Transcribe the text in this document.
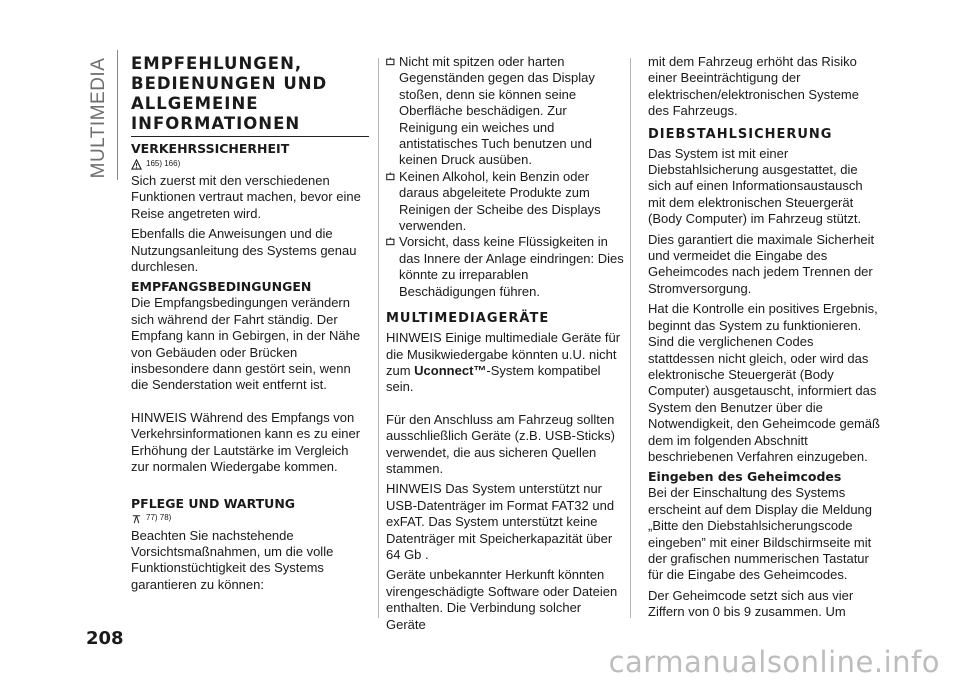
MULTIMEDIA
208
carmanualsonline.info
EMPFEHLUNGEN, BEDIENUNGEN UND ALLGEMEINE INFORMATIONEN
VERKEHRSSICHERHEIT
165) 166)

Sich zuerst mit den verschiedenen Funktionen vertraut machen, bevor eine Reise angetreten wird.

Ebenfalls die Anweisungen und die Nutzungsanleitung des Systems genau durchlesen.

EMPFANGSBEDINGUNGEN

Die Empfangsbedingungen verändern sich während der Fahrt ständig. Der Empfang kann in Gebirgen, in der Nähe von Gebäuden oder Brücken insbesondere dann gestört sein, wenn die Senderstation weit entfernt ist.

HINWEIS Während des Empfangs von Verkehrsinformationen kann es zu einer Erhöhung der Lautstärke im Vergleich zur normalen Wiedergabe kommen.

PFLEGE UND WARTUNG
77) 78)

Beachten Sie nachstehende Vorsichtsmaßnahmen, um die volle Funktionstüchtigkeit des Systems garantieren zu können:

Nicht mit spitzen oder harten Gegenständen gegen das Display stoßen, denn sie können seine Oberfläche beschädigen. Zur Reinigung ein weiches und antistatisches Tuch benutzen und keinen Druck ausüben.
Keinen Alkohol, kein Benzin oder daraus abgeleitete Produkte zum Reinigen der Scheibe des Displays verwenden.
Vorsicht, dass keine Flüssigkeiten in das Innere der Anlage eindringen: Dies könnte zu irreparablen Beschädigungen führen.
MULTIMEDIAGERÄTE

HINWEIS Einige multimediale Geräte für die Musikwiedergabe könnten u.U. nicht zum Uconnect™-System kompatibel sein.

Für den Anschluss am Fahrzeug sollten ausschließlich Geräte (z.B. USB-Sticks) verwendet, die aus sicheren Quellen stammen.

HINWEIS Das System unterstützt nur USB-Datenträger im Format FAT32 und exFAT. Das System unterstützt keine Datenträger mit Speicherkapazität über 64 Gb .

Geräte unbekannter Herkunft könnten virengeschädigte Software oder Dateien enthalten. Die Verbindung solcher Geräte

mit dem Fahrzeug erhöht das Risiko einer Beeinträchtigung der elektrischen/elektronischen Systeme des Fahrzeugs.

DIEBSTAHLSICHERUNG

Das System ist mit einer Diebstahlsicherung ausgestattet, die sich auf einen Informationsaustausch mit dem elektronischen Steuergerät (Body Computer) im Fahrzeug stützt.

Dies garantiert die maximale Sicherheit und vermeidet die Eingabe des Geheimcodes nach jedem Trennen der Stromversorgung.

Hat die Kontrolle ein positives Ergebnis, beginnt das System zu funktionieren. Sind die verglichenen Codes stattdessen nicht gleich, oder wird das elektronische Steuergerät (Body Computer) ausgetauscht, informiert das System den Benutzer über die Notwendigkeit, den Geheimcode gemäß dem im folgenden Abschnitt beschriebenen Verfahren einzugeben.

Eingeben des Geheimcodes

Bei der Einschaltung des Systems erscheint auf dem Display die Meldung „Bitte den Diebstahlsicherungscode eingeben” mit einer Bildschirmseite mit der grafischen nummerischen Tastatur für die Eingabe des Geheimcodes.

Der Geheimcode setzt sich aus vier Ziffern von 0 bis 9 zusammen. Um
